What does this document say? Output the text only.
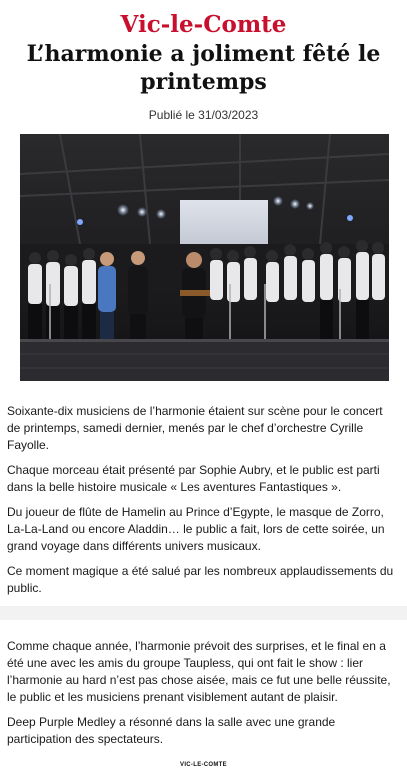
Vic-le-Comte
L’harmonie a joliment fêté le printemps
Publié le 31/03/2023

Soixante-dix musiciens de l’harmonie étaient sur scène pour le concert de printemps, samedi dernier, menés par le chef d’orchestre Cyrille Fayolle.

Chaque morceau était présenté par Sophie Aubry, et le public est parti dans la belle histoire musicale « Les aventures Fantastiques ».

Du joueur de flûte de Hamelin au Prince d’Egypte, le masque de Zorro, La-La-Land ou encore Aladdin… le public a fait, lors de cette soirée, un grand voyage dans différents univers musicaux.

Ce moment magique a été salué par les nombreux applaudissements du public.

Comme chaque année, l’harmonie prévoit des surprises, et le final en a été une avec les amis du groupe Taupless, qui ont fait le show : lier l’harmonie au hard n’est pas chose aisée, mais ce fut une belle réussite, le public et les musiciens prenant visiblement autant de plaisir.

Deep Purple Medley a résonné dans la salle avec une grande participation des spectateurs.

VIC-LE-COMTE
